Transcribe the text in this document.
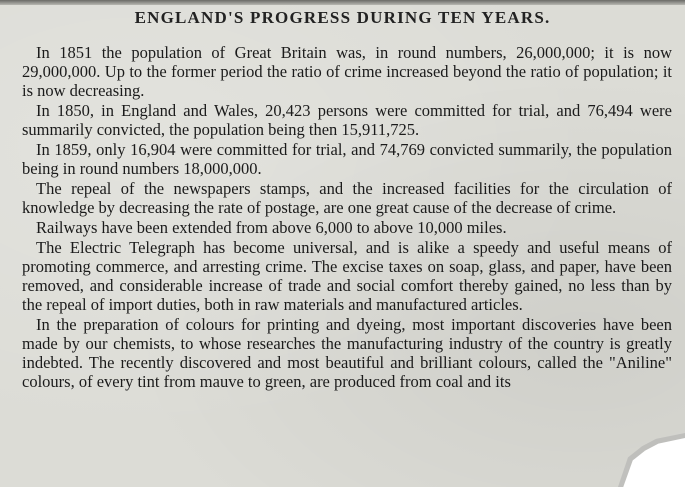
ENGLAND'S PROGRESS DURING TEN YEARS.

In 1851 the population of Great Britain was, in round numbers, 26,000,000; it is now 29,000,000. Up to the former period the ratio of crime increased beyond the ratio of population; it is now decreasing.

In 1850, in England and Wales, 20,423 persons were committed for trial, and 76,494 were summarily convicted, the population being then 15,911,725.

In 1859, only 16,904 were committed for trial, and 74,769 convicted summarily, the population being in round numbers 18,000,000.

The repeal of the newspapers stamps, and the increased facilities for the circulation of knowledge by decreasing the rate of postage, are one great cause of the decrease of crime.

Railways have been extended from above 6,000 to above 10,000 miles.

The Electric Telegraph has become universal, and is alike a speedy and useful means of promoting commerce, and arresting crime. The excise taxes on soap, glass, and paper, have been removed, and considerable increase of trade and social comfort thereby gained, no less than by the repeal of import duties, both in raw materials and manufactured articles.

In the preparation of colours for printing and dyeing, most important discoveries have been made by our chemists, to whose researches the manufacturing industry of the country is greatly indebted. The recently discovered and most beautiful and brilliant colours, called the "Aniline" colours, of every tint from mauve to green, are produced from coal and its
